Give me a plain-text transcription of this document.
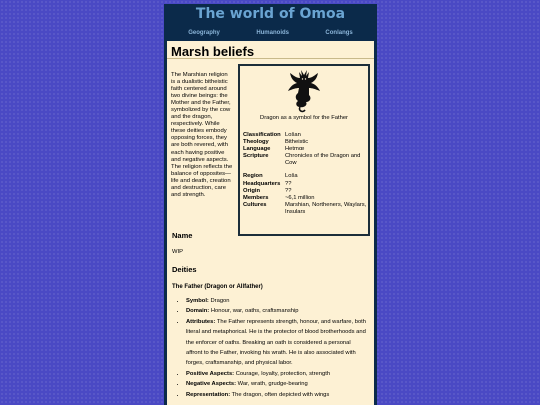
The world of Omoa
Geography	Humanoids	Conlangs
Marsh beliefs

The Marshian religion is a dualistic bitheistic faith centered around two divine beings: the Mother and the Father, symbolized by the cow and the dragon, respectively. While these deities embody opposing forces, they are both revered, with each having positive and negative aspects. The religion reflects the balance of opposites—life and death, creation and destruction, care and strength.

Dragon as a symbol for the Father
Classification	Lošan
Theology	Bitheistic
Language	Hetmœ
Scripture	Chronicles of the Dragon and Cow

Region	Loša
Headquarters	??
Origin	??
Members	~6,1 million
Cultures	Marshian, Northeners, Waylars, Insulars
Name

WIP

Deities
The Father (Dragon or Allfather)
• Symbol: Dragon
• Domain: Honour, war, oaths, craftsmanship
• Attributes: The Father represents strength, honour, and warfare, both literal and metaphorical. He is the protector of blood brotherhoods and the enforcer of oaths. Breaking an oath is considered a personal affront to the Father, invoking his wrath. He is also associated with forges, craftsmanship, and physical labor.
• Positive Aspects: Courage, loyalty, protection, strength
• Negative Aspects: War, wrath, grudge-bearing
• Representation: The dragon, often depicted with wings
